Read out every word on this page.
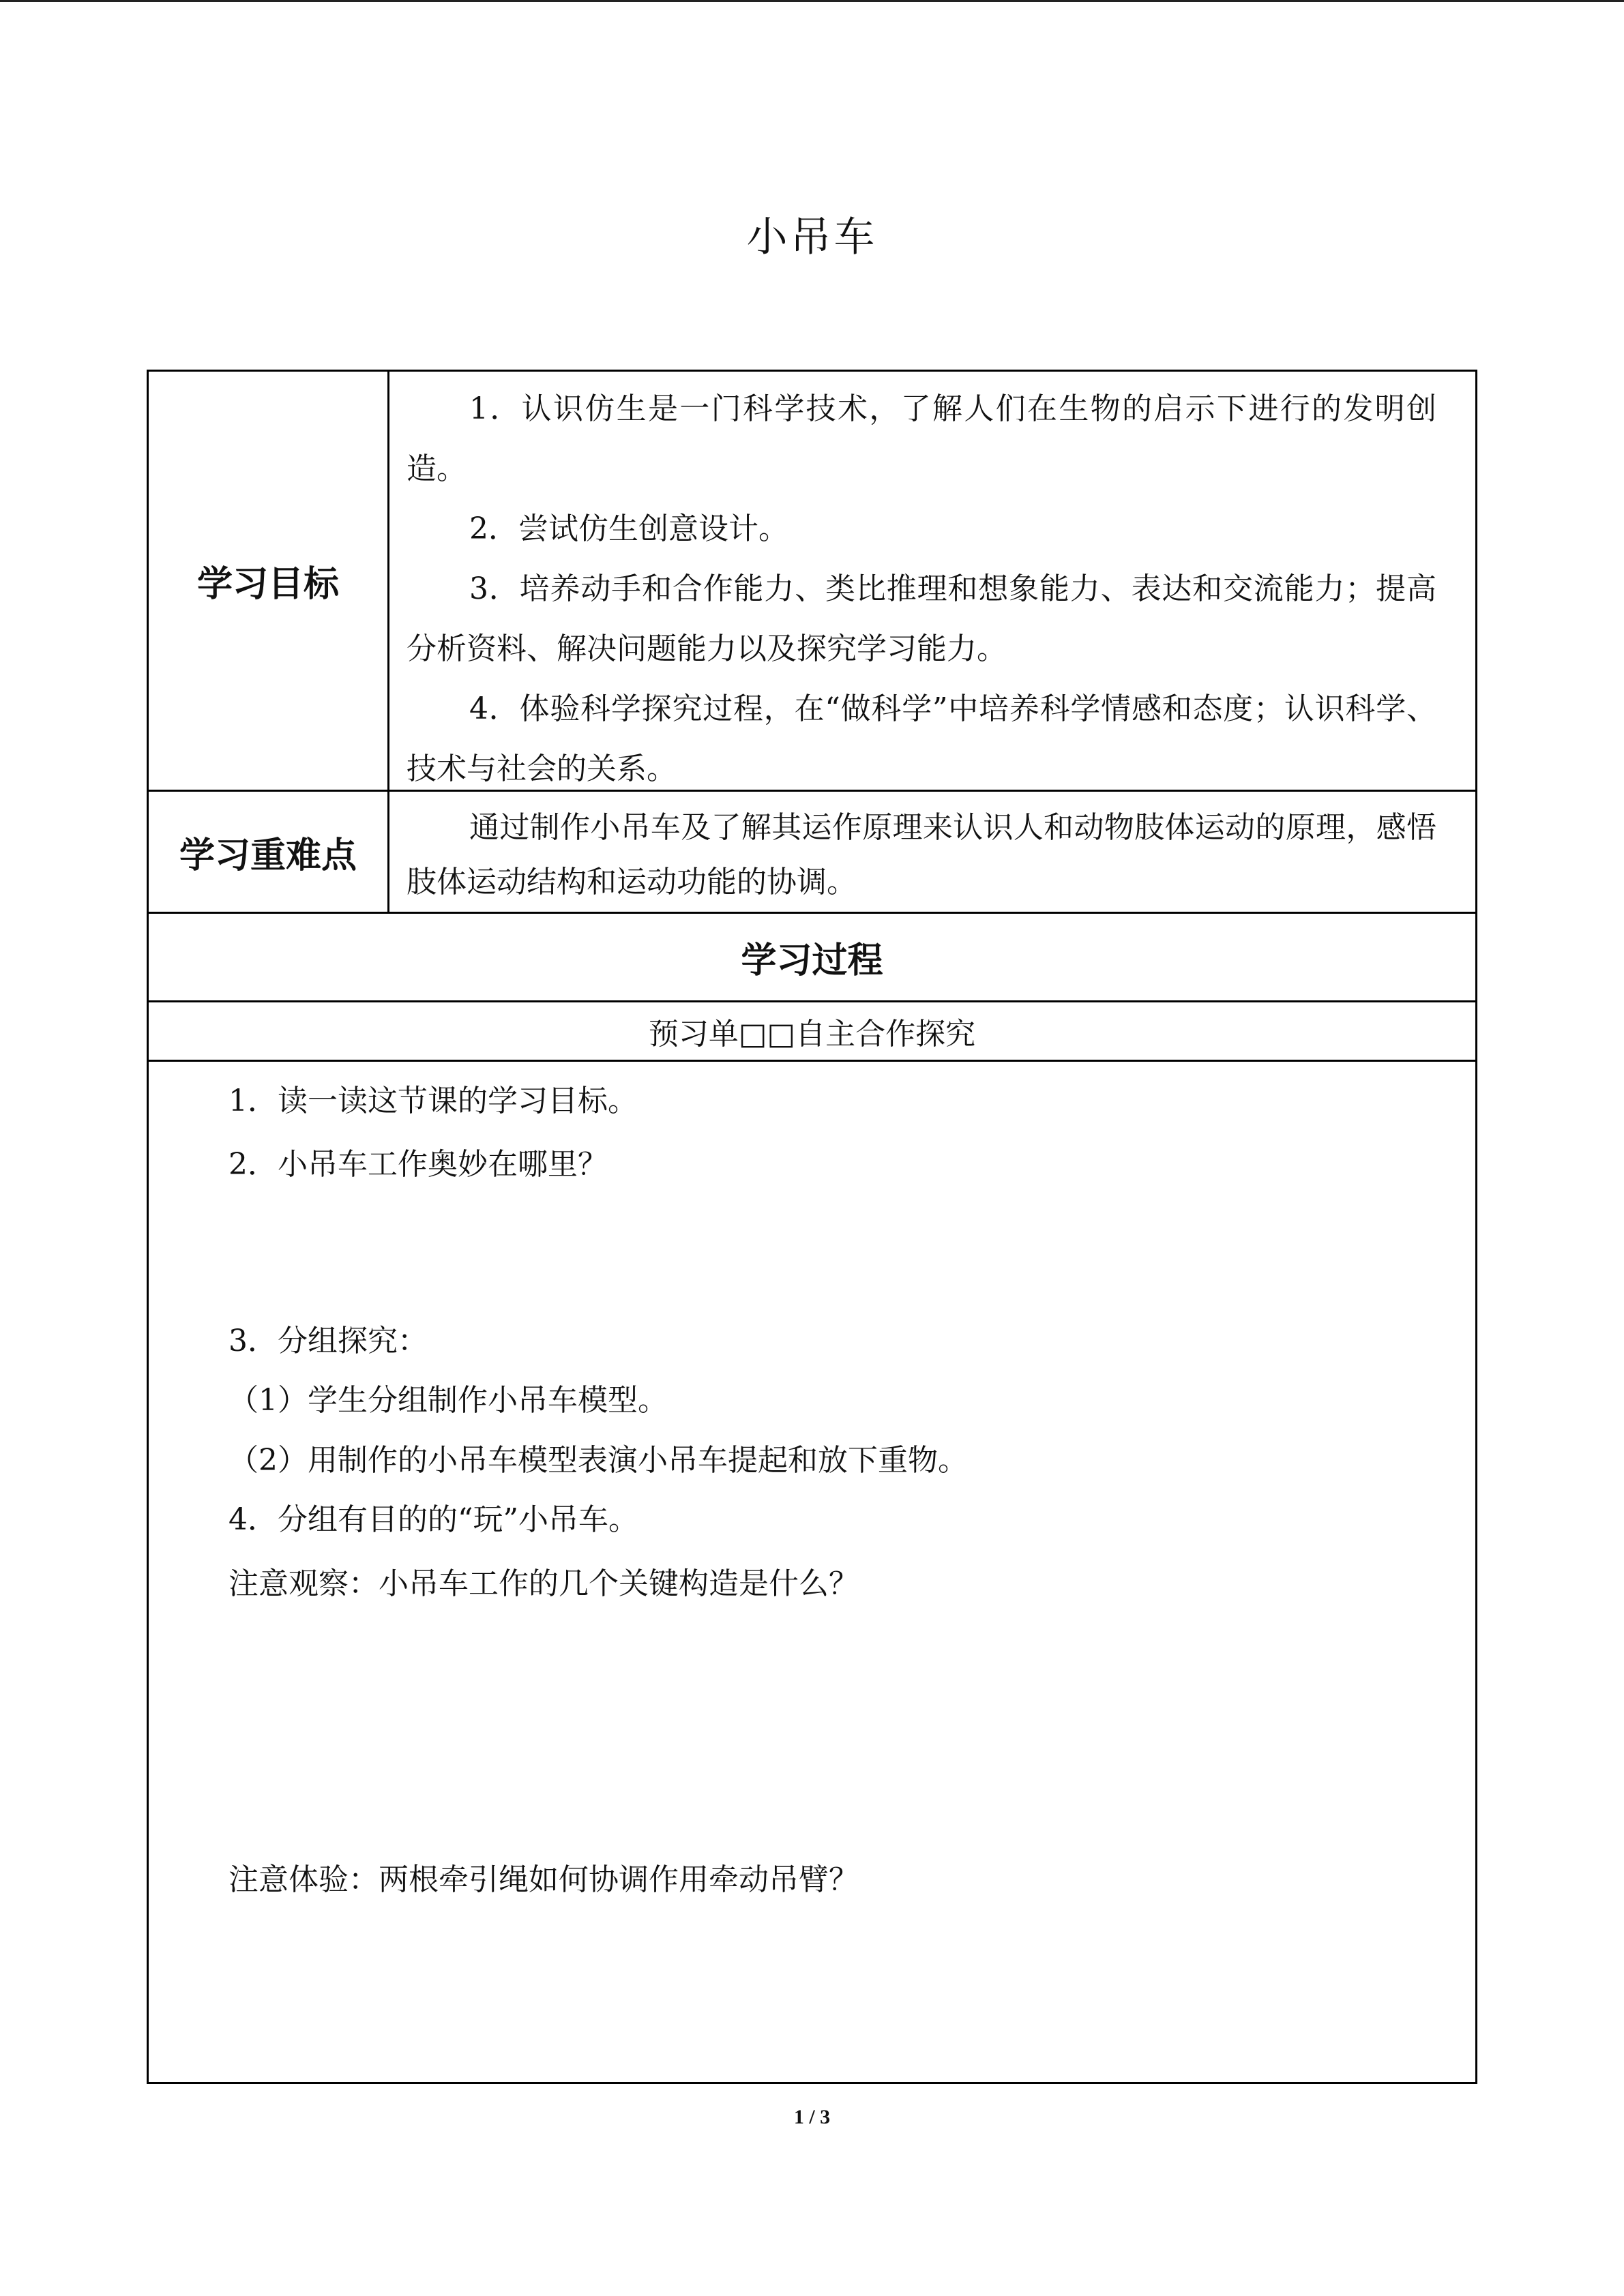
小吊车
学习目标

1．认识仿生是一门科学技术，了解人们在生物的启示下进行的发明创造。

2．尝试仿生创意设计。

3．培养动手和合作能力、类比推理和想象能力、表达和交流能力；提高分析资料、解决问题能力以及探究学习能力。

4．体验科学探究过程，在“做科学”中培养科学情感和态度；认识科学、技术与社会的关系。

学习重难点

通过制作小吊车及了解其运作原理来认识人和动物肢体运动的原理，感悟肢体运动结构和运动功能的协调。

学习过程
预习单□□自主合作探究

1．读一读这节课的学习目标。

2．小吊车工作奥妙在哪里？

3．分组探究：

（1）学生分组制作小吊车模型。

（2）用制作的小吊车模型表演小吊车提起和放下重物。

4．分组有目的的“玩”小吊车。

注意观察：小吊车工作的几个关键构造是什么？

注意体验：两根牵引绳如何协调作用牵动吊臂？

1 / 3
